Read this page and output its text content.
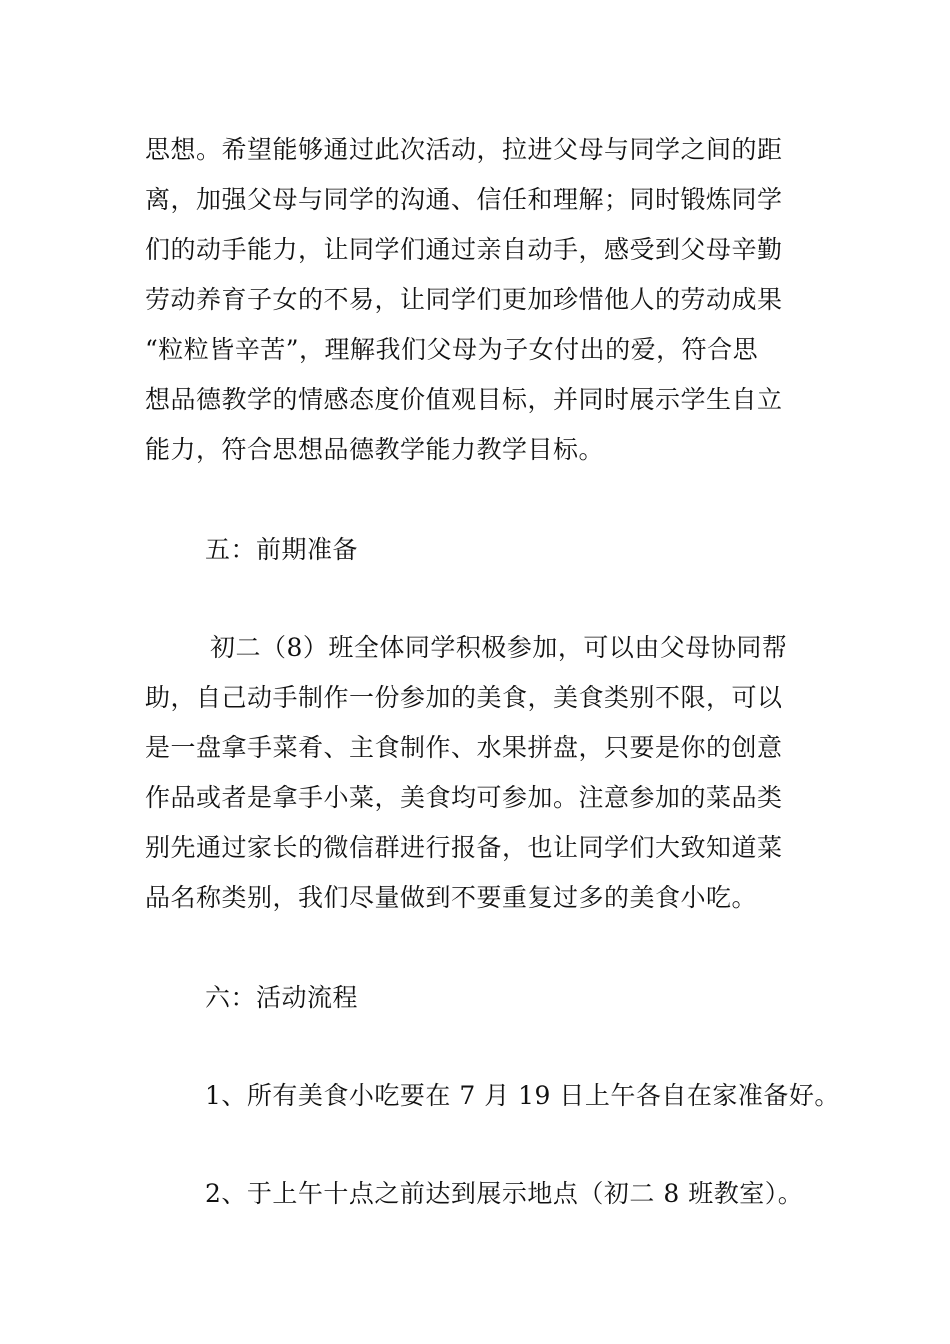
思想。希望能够通过此次活动，拉进父母与同学之间的距
离，加强父母与同学的沟通、信任和理解；同时锻炼同学
们的动手能力，让同学们通过亲自动手，感受到父母辛勤
劳动养育子女的不易，让同学们更加珍惜他人的劳动成果
“粒粒皆辛苦”，理解我们父母为子女付出的爱，符合思
想品德教学的情感态度价值观目标，并同时展示学生自立
能力，符合思想品德教学能力教学目标。
五：前期准备
初二（8）班全体同学积极参加，可以由父母协同帮
助，自己动手制作一份参加的美食，美食类别不限，可以
是一盘拿手菜肴、主食制作、水果拼盘，只要是你的创意
作品或者是拿手小菜，美食均可参加。注意参加的菜品类
别先通过家长的微信群进行报备，也让同学们大致知道菜
品名称类别，我们尽量做到不要重复过多的美食小吃。
六：活动流程
1、所有美食小吃要在 7 月 19 日上午各自在家准备好。
2、于上午十点之前达到展示地点（初二 8 班教室）。
